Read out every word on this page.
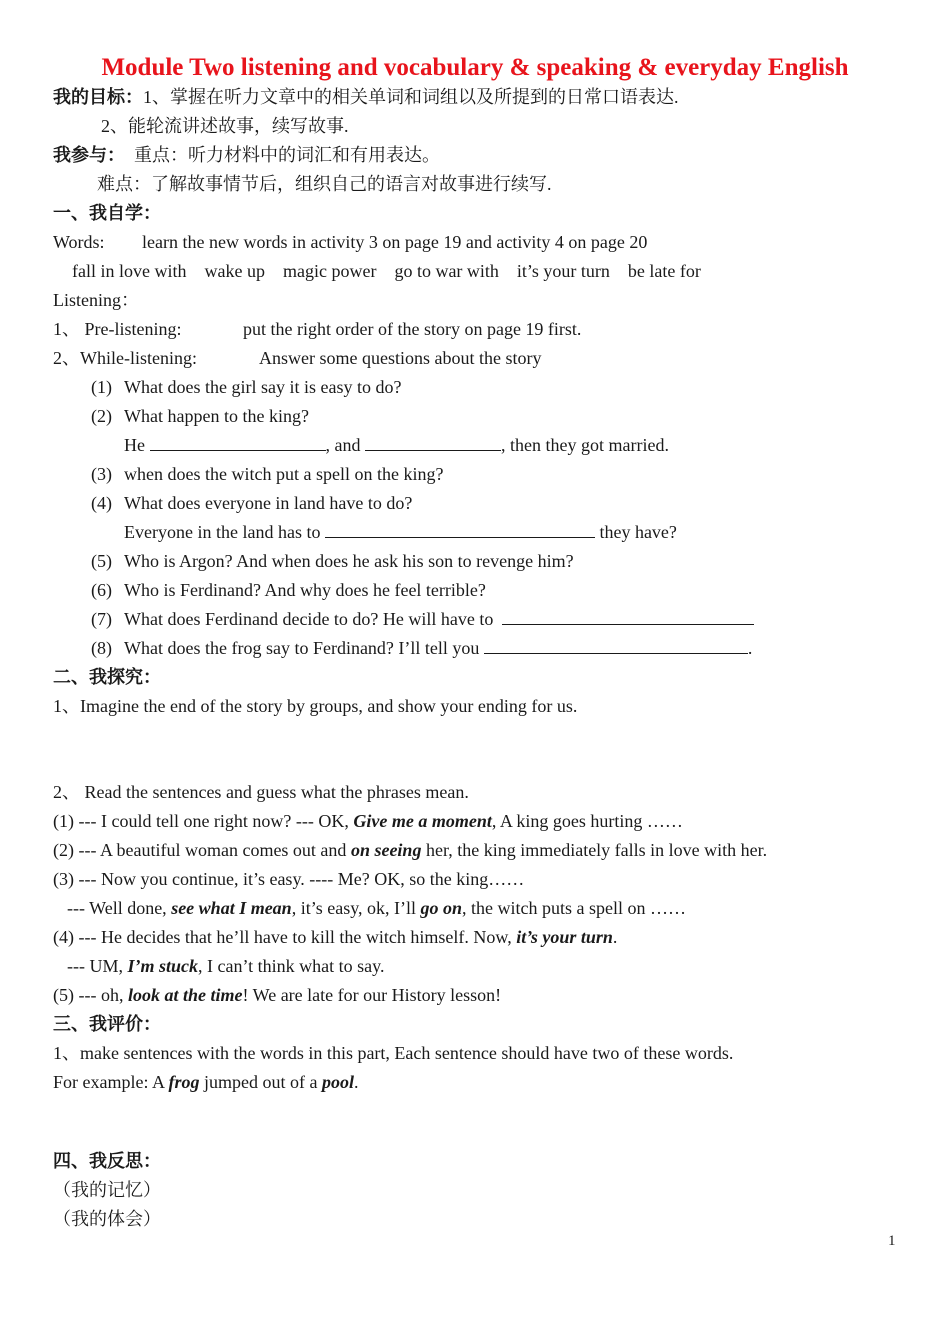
Module Two listening and vocabulary & speaking & everyday English
我的目标：1、掌握在听力文章中的相关单词和词组以及所提到的日常口语表达.
2、能轮流讲述故事，续写故事.
我参与： 重点：听力材料中的词汇和有用表达。
难点：了解故事情节后，组织自己的语言对故事进行续写.
一、我自学：
Words: learn the new words in activity 3 on page 19 and activity 4 on page 20
fall in love with wake up magic power go to war with it’s your turn be late for
Listening：
1、 Pre-listening:	put the right order of the story on page 19 first.
2、While-listening:	Answer some questions about the story
(1) What does the girl say it is easy to do?
(2) What happen to the king?
He	, and	, then they got married.
(3) when does the witch put a spell on the king?
(4) What does everyone in land have to do?
Everyone in the land has to	they have?
(5) Who is Argon? And when does he ask his son to revenge him?
(6) Who is Ferdinand? And why does he feel terrible?
(7) What does Ferdinand decide to do? He will have to
(8) What does the frog say to Ferdinand? I’ll tell you	.
二、我探究：
1、Imagine the end of the story by groups, and show your ending for us.
2、 Read the sentences and guess what the phrases mean.
(1) --- I could tell one right now? --- OK, Give me a moment, A king goes hurting ……
(2) --- A beautiful woman comes out and on seeing her, the king immediately falls in love with her.
(3) --- Now you continue, it’s easy. ---- Me? OK, so the king……
--- Well done, see what I mean, it’s easy, ok, I’ll go on, the witch puts a spell on ……
(4) --- He decides that he’ll have to kill the witch himself. Now, it’s your turn.
--- UM, I’m stuck, I can’t think what to say.
(5) --- oh, look at the time! We are late for our History lesson!
三、我评价：
1、make sentences with the words in this part, Each sentence should have two of these words.
For example: A frog jumped out of a pool.
四、我反思：
（我的记忆）
（我的体会）
1
